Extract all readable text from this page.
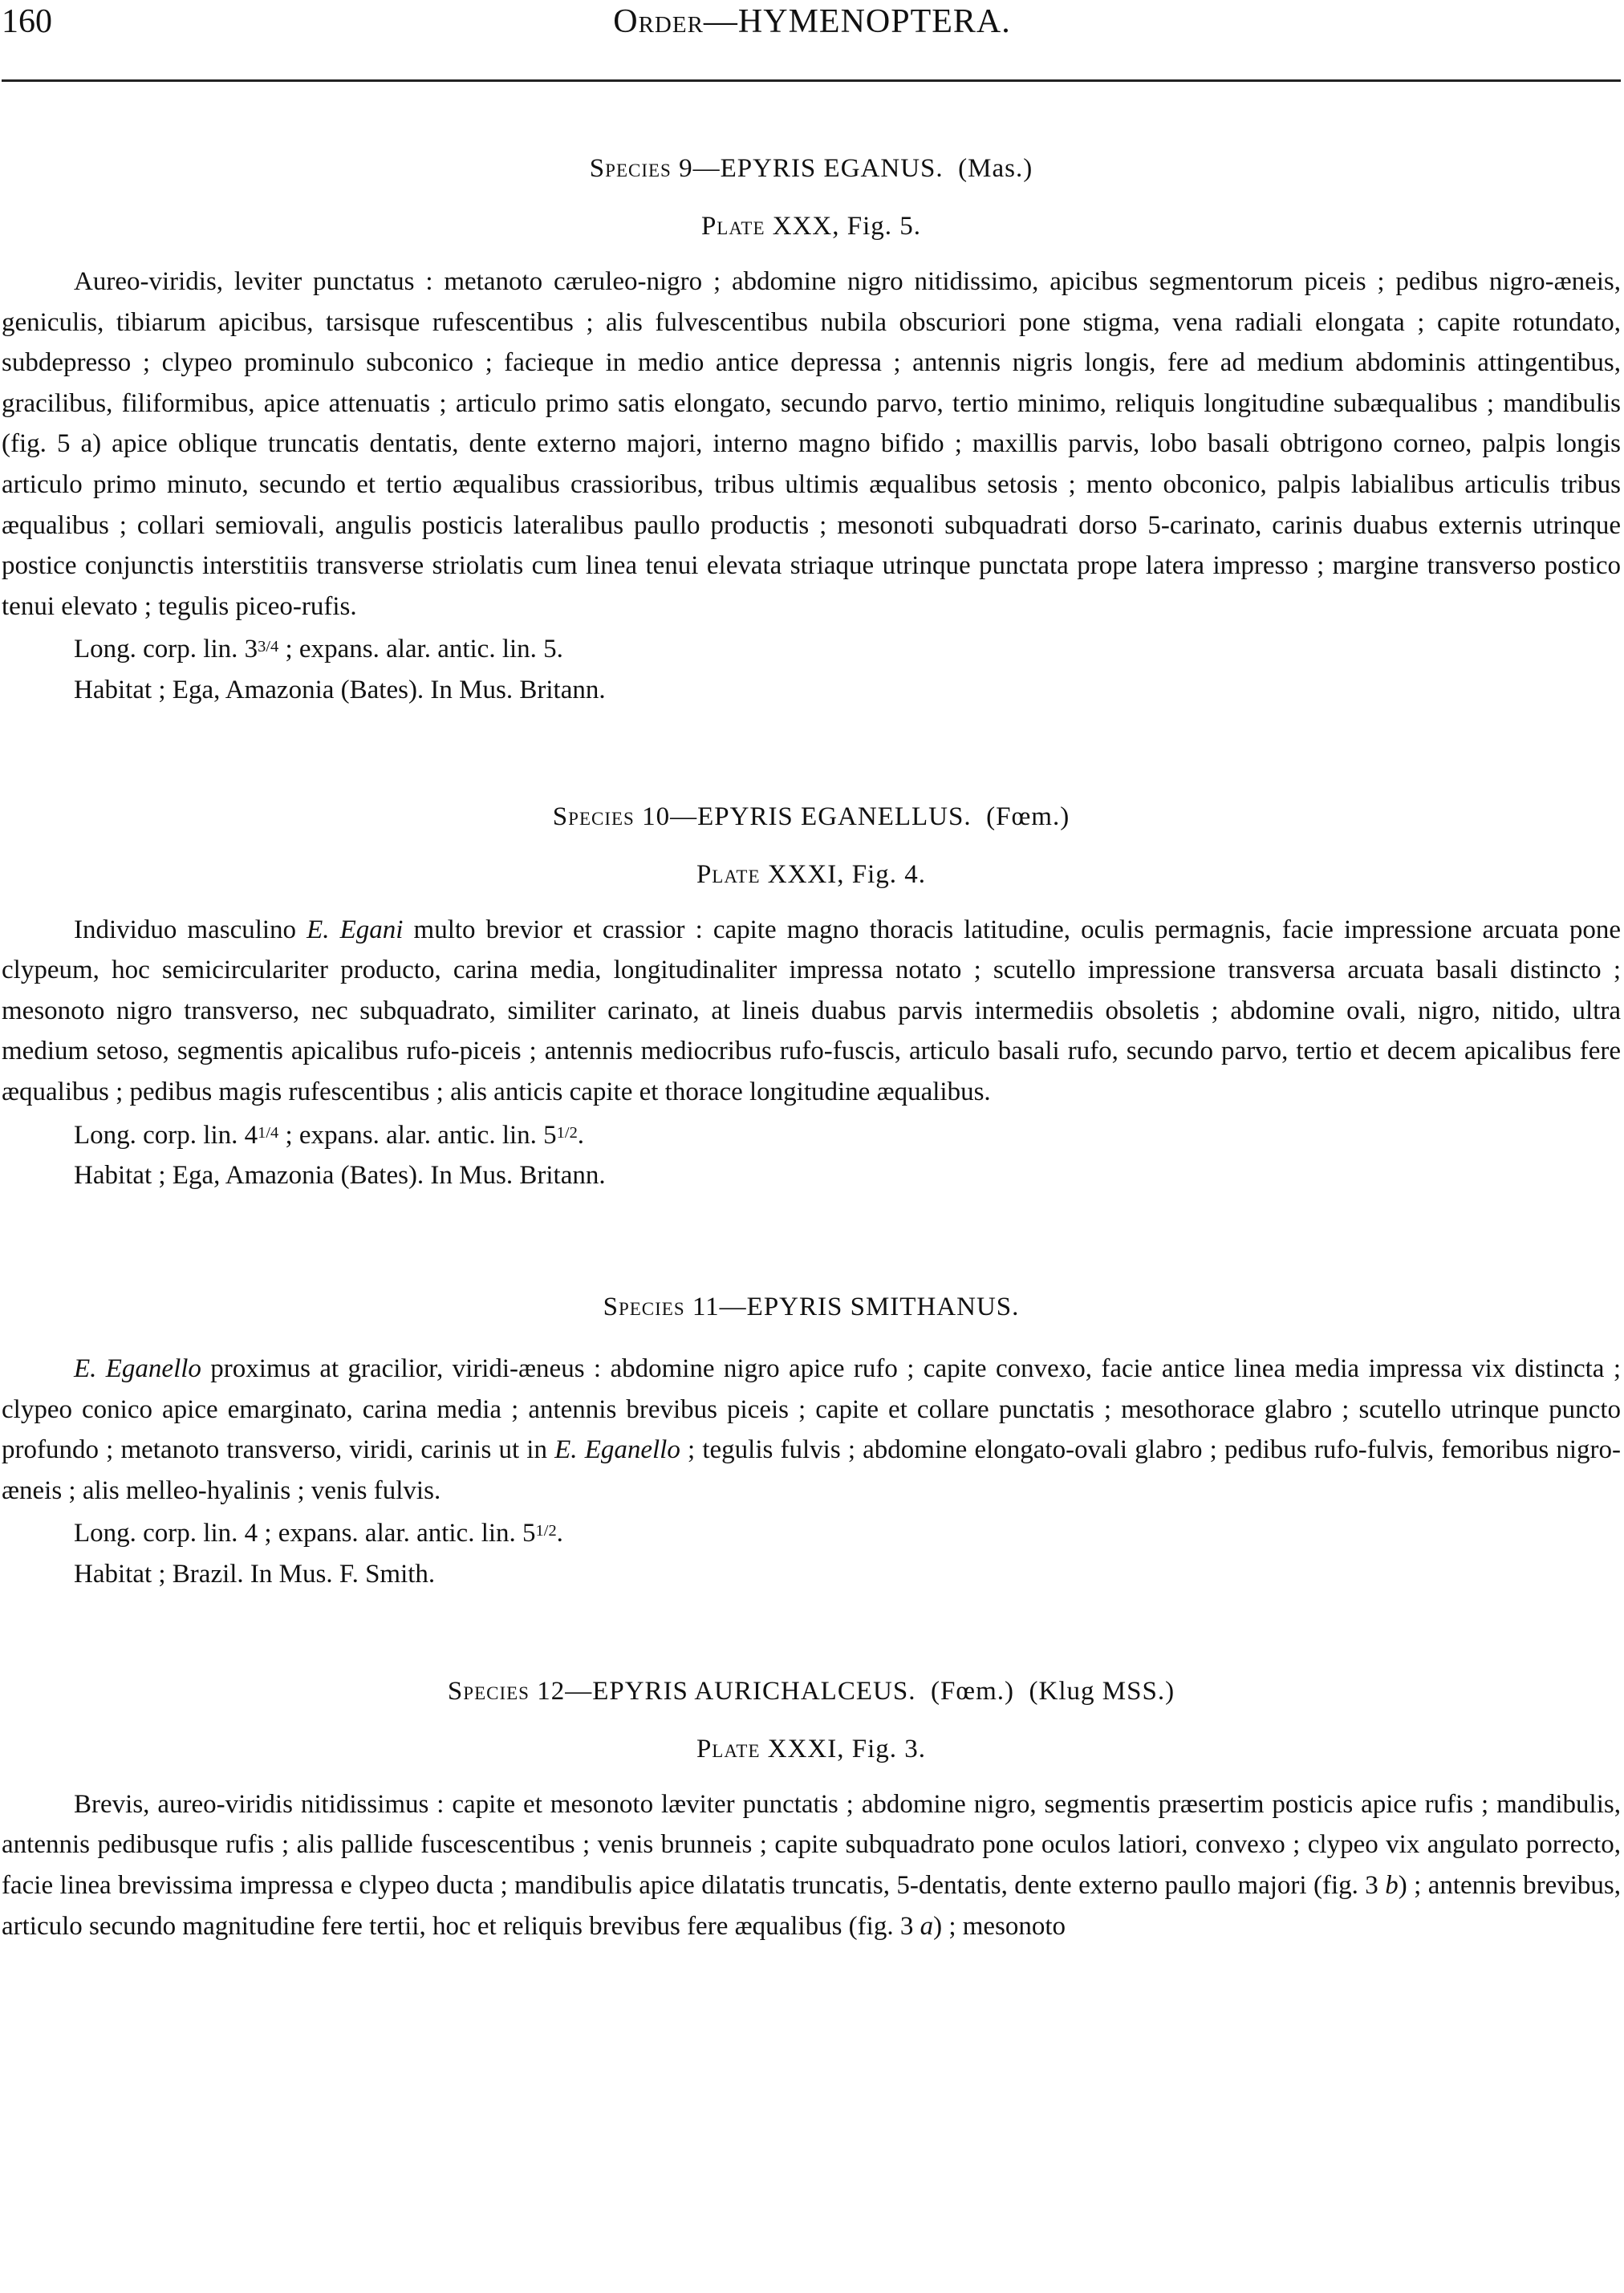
160	Order—HYMENOPTERA.
Species 9—EPYRIS EGANUS. (Mas.)
Plate XXX, Fig. 5.

Aureo-viridis, leviter punctatus : metanoto cæruleo-nigro ; abdomine nigro nitidissimo, apicibus segmentorum piceis ; pedibus nigro-æneis, geniculis, tibiarum apicibus, tarsisque rufescentibus ; alis fulvescentibus nubila obscuriori pone stigma, vena radiali elongata ; capite rotundato, subdepresso ; clypeo prominulo subconico ; facieque in medio antice depressa ; antennis nigris longis, fere ad medium abdominis attingentibus, gracilibus, filiformibus, apice attenuatis ; articulo primo satis elongato, secundo parvo, tertio minimo, reliquis longitudine subæqualibus ; mandibulis (fig. 5 a) apice oblique truncatis dentatis, dente externo majori, interno magno bifido ; maxillis parvis, lobo basali obtrigono corneo, palpis longis articulo primo minuto, secundo et tertio æqualibus crassioribus, tribus ultimis æqualibus setosis ; mento obconico, palpis labialibus articulis tribus æqualibus ; collari semiovali, angulis posticis lateralibus paullo productis ; mesonoti subquadrati dorso 5-carinato, carinis duabus externis utrinque postice conjunctis interstitiis transverse striolatis cum linea tenui elevata striaque utrinque punctata prope latera impresso ; margine transverso postico tenui elevato ; tegulis piceo-rufis.

Long. corp. lin. $3^{3/4}$ ; expans. alar. antic. lin. 5.

Habitat ; Ega, Amazonia (Bates). In Mus. Britann.

Species 10—EPYRIS EGANELLUS. (Fœm.)
Plate XXXI, Fig. 4.

Individuo masculino E. Egani multo brevior et crassior : capite magno thoracis latitudine, oculis permagnis, facie impressione arcuata pone clypeum, hoc semicirculariter producto, carina media, longitudinaliter impressa notato ; scutello impressione transversa arcuata basali distincto ; mesonoto nigro transverso, nec subquadrato, similiter carinato, at lineis duabus parvis intermediis obsoletis ; abdomine ovali, nigro, nitido, ultra medium setoso, segmentis apicalibus rufo-piceis ; antennis mediocribus rufo-fuscis, articulo basali rufo, secundo parvo, tertio et decem apicalibus fere æqualibus ; pedibus magis rufescentibus ; alis anticis capite et thorace longitudine æqualibus.

Long. corp. lin. $4^{1/4}$ ; expans. alar. antic. lin. $5^{1/2}$.

Habitat ; Ega, Amazonia (Bates). In Mus. Britann.

Species 11—EPYRIS SMITHANUS.

E. Eganello proximus at gracilior, viridi-æneus : abdomine nigro apice rufo ; capite convexo, facie antice linea media impressa vix distincta ; clypeo conico apice emarginato, carina media ; antennis brevibus piceis ; capite et collare punctatis ; mesothorace glabro ; scutello utrinque puncto profundo ; metanoto transverso, viridi, carinis ut in E. Eganello ; tegulis fulvis ; abdomine elongato-ovali glabro ; pedibus rufo-fulvis, femoribus nigro-æneis ; alis melleo-hyalinis ; venis fulvis.

Long. corp. lin. 4 ; expans. alar. antic. lin. $5^{1/2}$.

Habitat ; Brazil. In Mus. F. Smith.

Species 12—EPYRIS AURICHALCEUS. (Fœm.) (Klug MSS.)
Plate XXXI, Fig. 3.

Brevis, aureo-viridis nitidissimus : capite et mesonoto læviter punctatis ; abdomine nigro, segmentis præsertim posticis apice rufis ; mandibulis, antennis pedibusque rufis ; alis pallide fuscescentibus ; venis brunneis ; capite subquadrato pone oculos latiori, convexo ; clypeo vix angulato porrecto, facie linea brevissima impressa e clypeo ducta ; mandibulis apice dilatatis truncatis, 5-dentatis, dente externo paullo majori (fig. 3 b) ; antennis brevibus, articulo secundo magnitudine fere tertii, hoc et reliquis brevibus fere æqualibus (fig. 3 a) ; mesonoto
